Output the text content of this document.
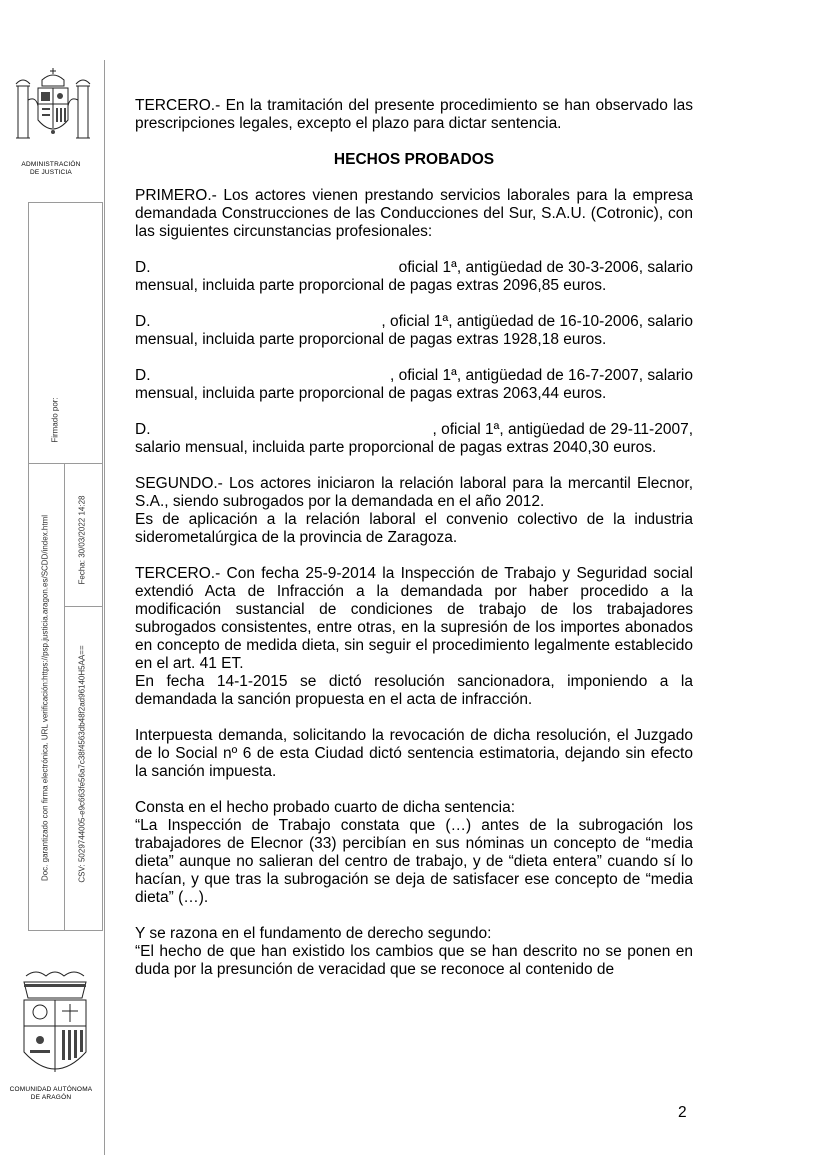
ADMINISTRACIÓN
DE JUSTICIA
Firmado por:
Doc. garantizado con firma electrónica. URL verificación:https://psp.justicia.aragon.es/SCDD/index.html	Fecha: 30/03/2022 14:28
CSV: 5029744005-e9c663fe56a7c38f4563db48f2ad96140H5AA==
COMUNIDAD AUTÓNOMA
DE ARAGÓN

TERCERO.- En la tramitación del presente procedimiento se han observado las prescripciones legales, excepto el plazo para dictar sentencia.

HECHOS PROBADOS

PRIMERO.- Los actores vienen prestando servicios laborales para la empresa demandada Construcciones de las Conducciones del Sur, S.A.U. (Cotronic), con las siguientes circunstancias profesionales:

D.	oficial 1ª, antigüedad de 30-3-2006, salario
mensual, incluida parte proporcional de pagas extras 2096,85 euros.

D.	, oficial 1ª, antigüedad de 16-10-2006, salario
mensual, incluida parte proporcional de pagas extras 1928,18 euros.

D.	, oficial 1ª, antigüedad de 16-7-2007, salario
mensual, incluida parte proporcional de pagas extras 2063,44 euros.

D.	, oficial 1ª, antigüedad de 29-11-2007,
salario mensual, incluida parte proporcional de pagas extras 2040,30 euros.

SEGUNDO.- Los actores iniciaron la relación laboral para la mercantil Elecnor, S.A., siendo subrogados por la demandada en el año 2012.

Es de aplicación a la relación laboral el convenio colectivo de la industria siderometalúrgica de la provincia de Zaragoza.

TERCERO.- Con fecha 25-9-2014 la Inspección de Trabajo y Seguridad social extendió Acta de Infracción a la demandada por haber procedido a la modificación sustancial de condiciones de trabajo de los trabajadores subrogados consistentes, entre otras, en la supresión de los importes abonados en concepto de medida dieta, sin seguir el procedimiento legalmente establecido en el art. 41 ET.

En fecha 14-1-2015 se dictó resolución sancionadora, imponiendo a la demandada la sanción propuesta en el acta de infracción.

Interpuesta demanda, solicitando la revocación de dicha resolución, el Juzgado de lo Social nº 6 de esta Ciudad dictó sentencia estimatoria, dejando sin efecto la sanción impuesta.

Consta en el hecho probado cuarto de dicha sentencia:

“La Inspección de Trabajo constata que (…) antes de la subrogación los trabajadores de Elecnor (33) percibían en sus nóminas un concepto de “media dieta” aunque no salieran del centro de trabajo, y de “dieta entera” cuando sí lo hacían, y que tras la subrogación se deja de satisfacer ese concepto de “media dieta” (…).

Y se razona en el fundamento de derecho segundo:

“El hecho de que han existido los cambios que se han descrito no se ponen en duda por la presunción de veracidad que se reconoce al contenido de

2
